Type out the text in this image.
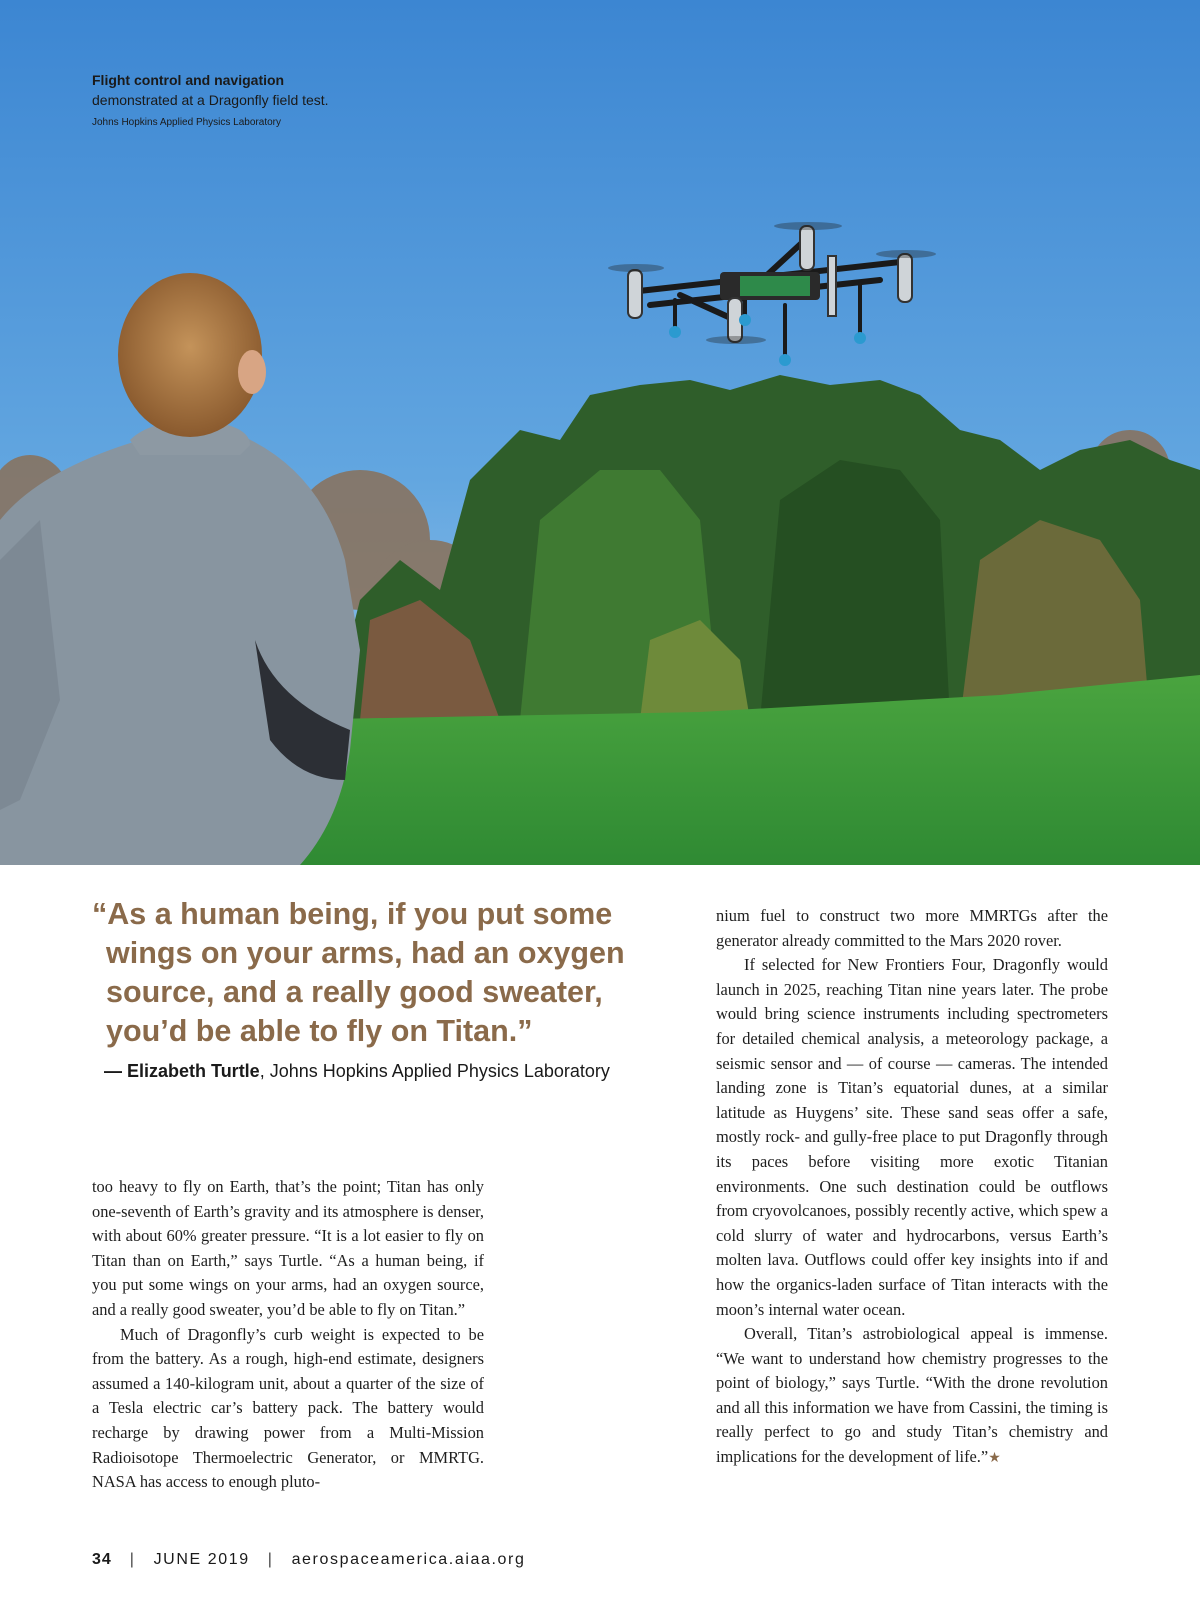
Flight control and navigation
demonstrated at a Dragonfly field test.
Johns Hopkins Applied Physics Laboratory

“As a human being, if you put some wings on your arms, had an oxygen source, and a really good sweater, you’d be able to fly on Titan.”

— Elizabeth Turtle, Johns Hopkins Applied Physics Laboratory

too heavy to fly on Earth, that’s the point; Titan has only one-seventh of Earth’s gravity and its atmosphere is denser, with about 60% greater pressure. “It is a lot easier to fly on Titan than on Earth,” says Turtle. “As a human being, if you put some wings on your arms, had an oxygen source, and a really good sweater, you’d be able to fly on Titan.”

Much of Dragonfly’s curb weight is expected to be from the battery. As a rough, high-end estimate, designers assumed a 140-kilogram unit, about a quarter of the size of a Tesla electric car’s battery pack. The battery would recharge by drawing power from a Multi-Mission Radioisotope Thermoelectric Generator, or MMRTG. NASA has access to enough pluto-

nium fuel to construct two more MMRTGs after the generator already committed to the Mars 2020 rover.

If selected for New Frontiers Four, Dragonfly would launch in 2025, reaching Titan nine years later. The probe would bring science instruments including spectrometers for detailed chemical analysis, a meteorology package, a seismic sensor and — of course — cameras. The intended landing zone is Titan’s equatorial dunes, at a similar latitude as Huygens’ site. These sand seas offer a safe, mostly rock- and gully-free place to put Dragonfly through its paces before visiting more exotic Titanian environments. One such destination could be outflows from cryovolcanoes, possibly recently active, which spew a cold slurry of water and hydrocarbons, versus Earth’s molten lava. Outflows could offer key insights into if and how the organics-laden surface of Titan interacts with the moon’s internal water ocean.

Overall, Titan’s astrobiological appeal is immense. “We want to understand how chemistry progresses to the point of biology,” says Turtle. “With the drone revolution and all this information we have from Cassini, the timing is really perfect to go and study Titan’s chemistry and implications for the development of life.”★

34 | JUNE 2019 | aerospaceamerica.aiaa.org
